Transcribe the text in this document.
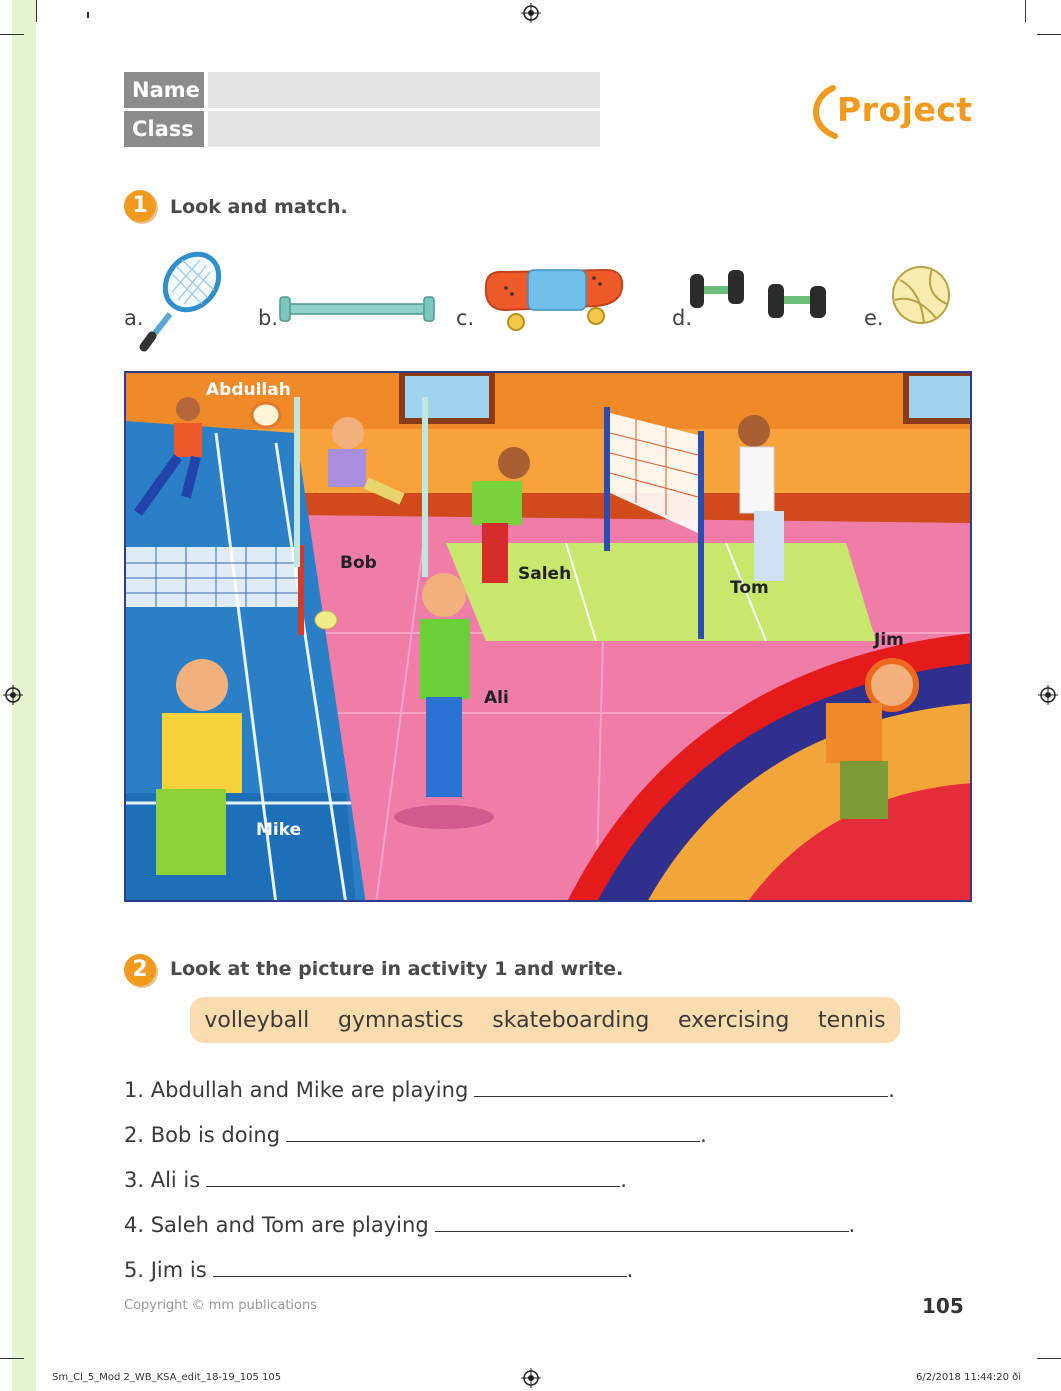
Name
Class	Project
1	Look and match.
a.	b.	c.	d.	e.
Abdullah
Bob
Saleh
Tom
Jim
Ali
Mike
2	Look at the picture in activity 1 and write.
volleyball gymnastics skateboarding exercising tennis
1. Abdullah and Mike are playing	.
2. Bob is doing	.
3. Ali is	.
4. Saleh and Tom are playing	.
5. Jim is	.
Copyright © mm publications	105
Sm_Cl_5_Mod 2_WB_KSA_edit_18-19_105 105	6/2/2018 11:44:20 ðì
